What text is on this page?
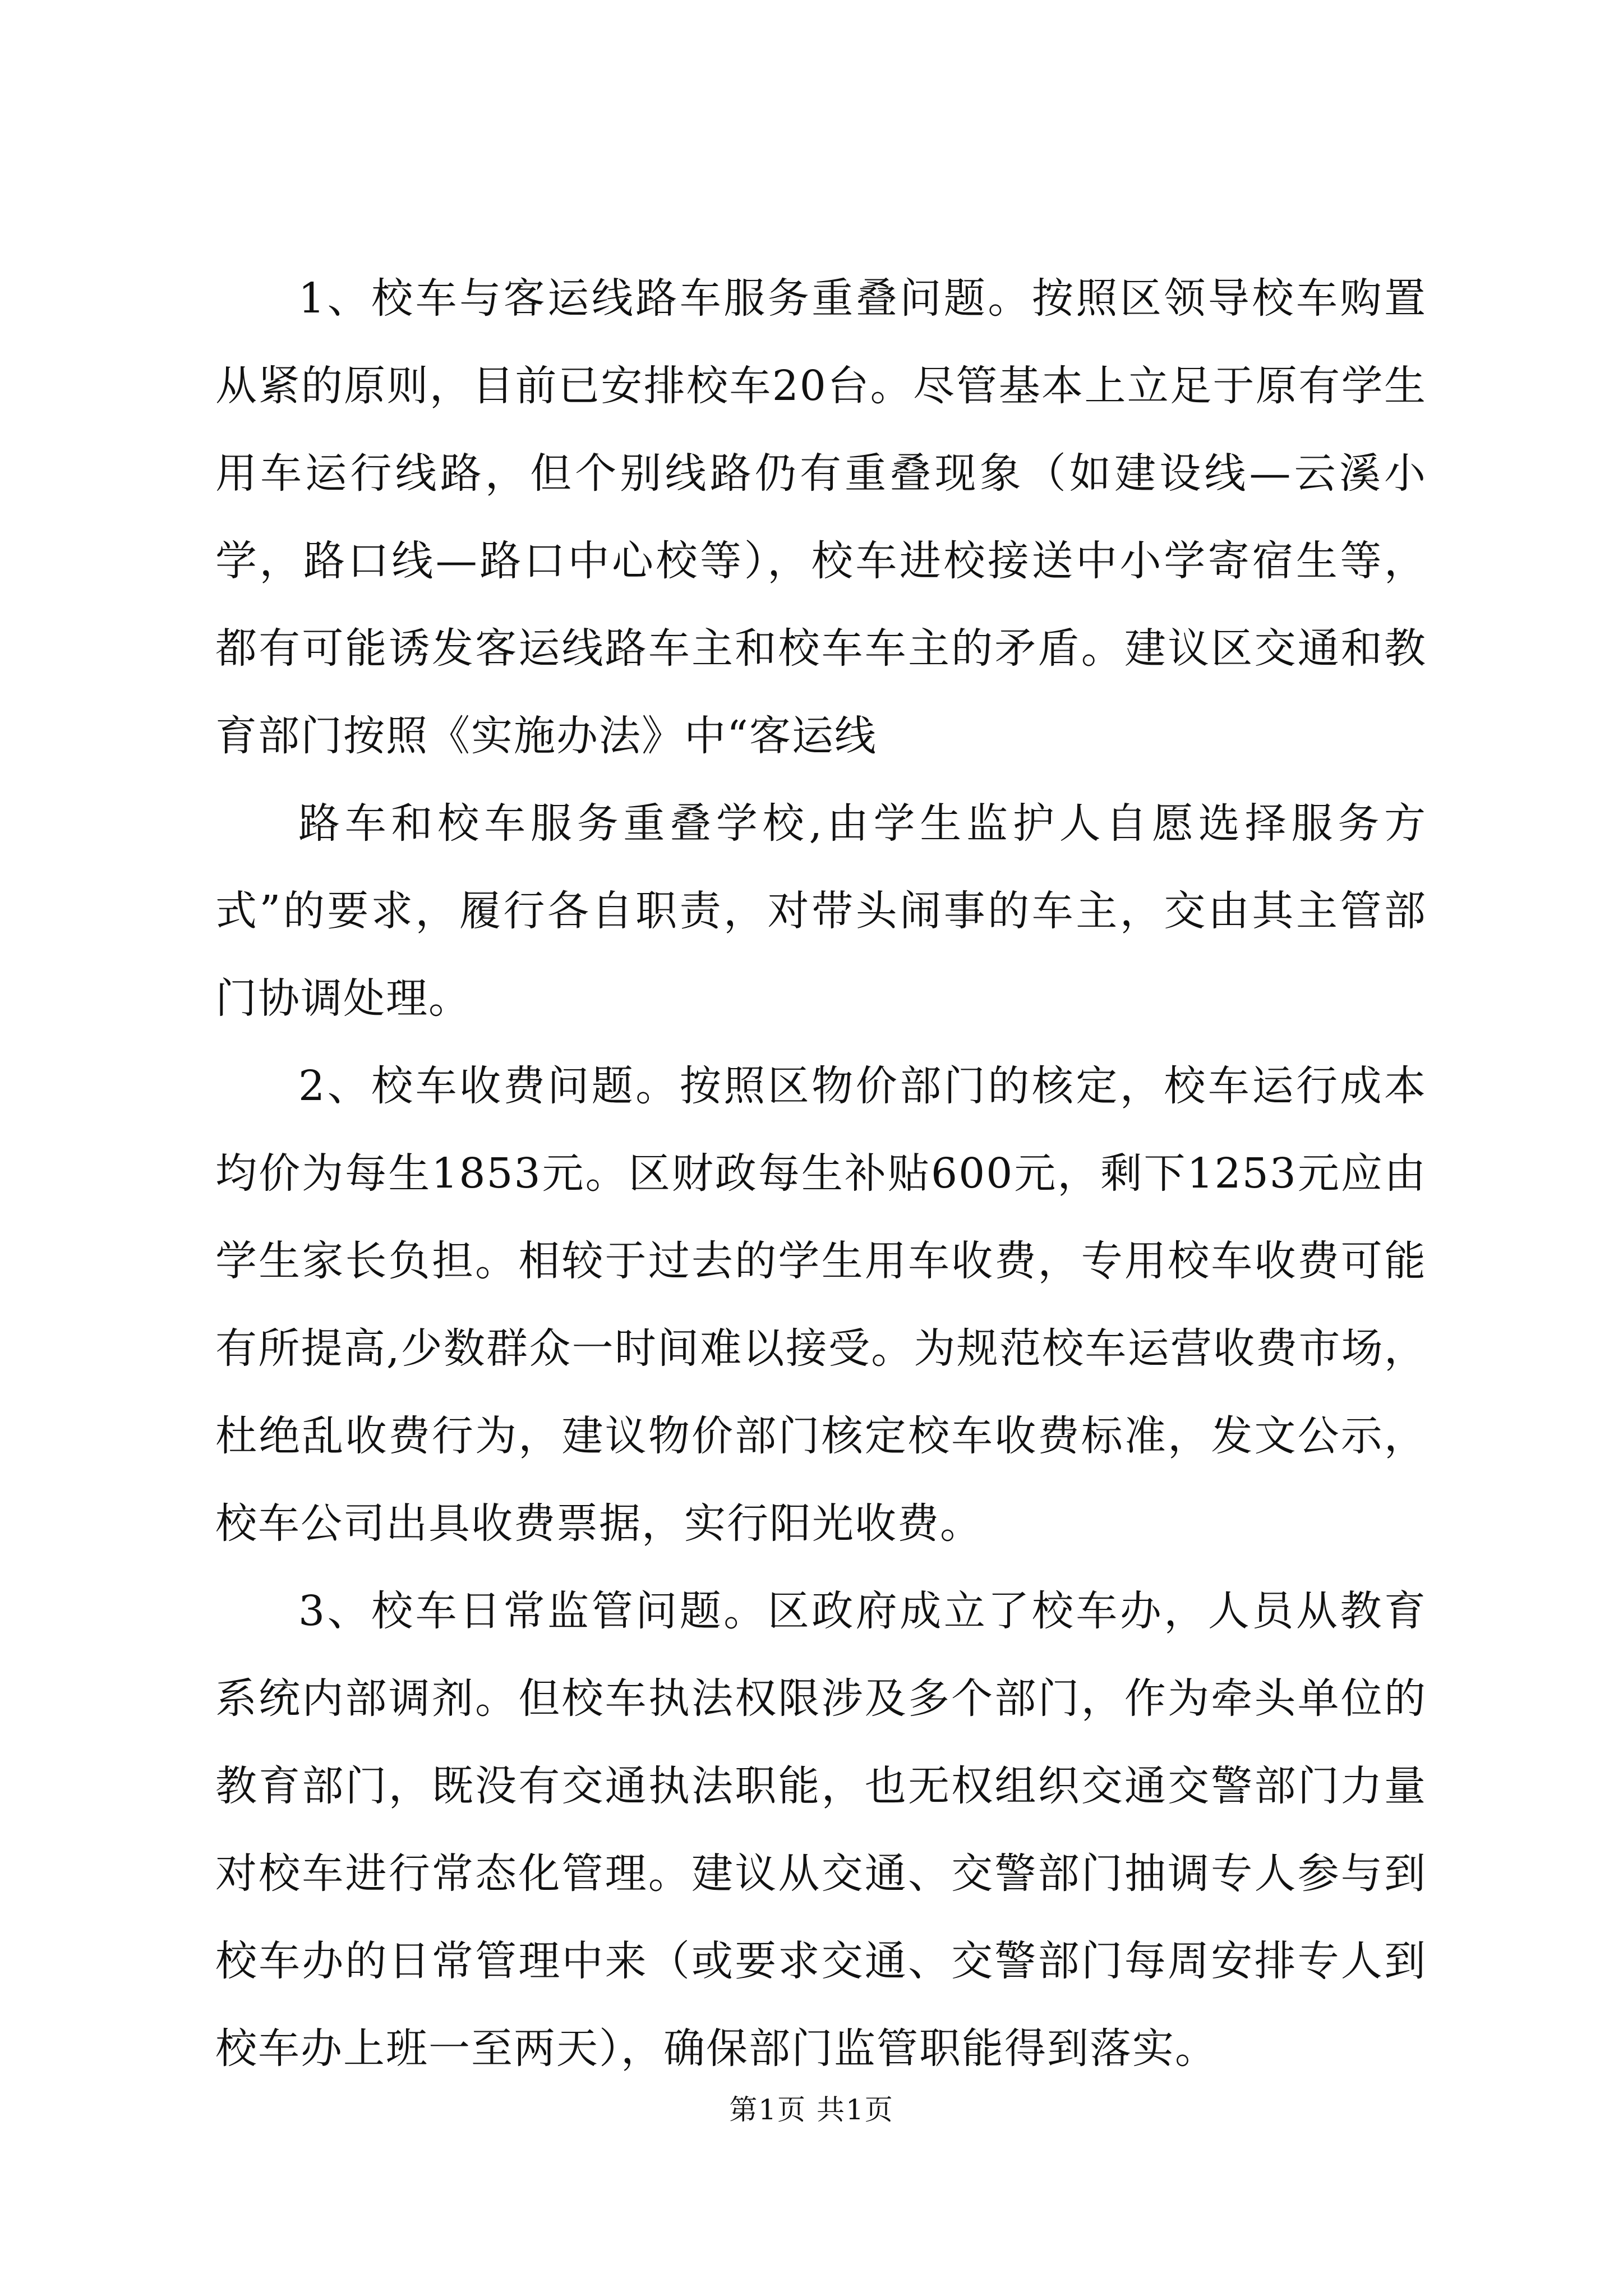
1、校车与客运线路车服务重叠问题。按照区领导校车购置从紧的原则，目前已安排校车20台。尽管基本上立足于原有学生用车运行线路，但个别线路仍有重叠现象（如建设线—云溪小学，路口线—路口中心校等），校车进校接送中小学寄宿生等，都有可能诱发客运线路车主和校车车主的矛盾。建议区交通和教育部门按照《实施办法》中“客运线

路车和校车服务重叠学校,由学生监护人自愿选择服务方式”的要求，履行各自职责，对带头闹事的车主，交由其主管部门协调处理。

2、校车收费问题。按照区物价部门的核定，校车运行成本均价为每生1853元。区财政每生补贴600元，剩下1253元应由学生家长负担。相较于过去的学生用车收费，专用校车收费可能有所提高,少数群众一时间难以接受。为规范校车运营收费市场，杜绝乱收费行为，建议物价部门核定校车收费标准，发文公示，校车公司出具收费票据，实行阳光收费。

3、校车日常监管问题。区政府成立了校车办，人员从教育系统内部调剂。但校车执法权限涉及多个部门，作为牵头单位的教育部门，既没有交通执法职能，也无权组织交通交警部门力量对校车进行常态化管理。建议从交通、交警部门抽调专人参与到校车办的日常管理中来（或要求交通、交警部门每周安排专人到校车办上班一至两天），确保部门监管职能得到落实。

第1页 共1页
